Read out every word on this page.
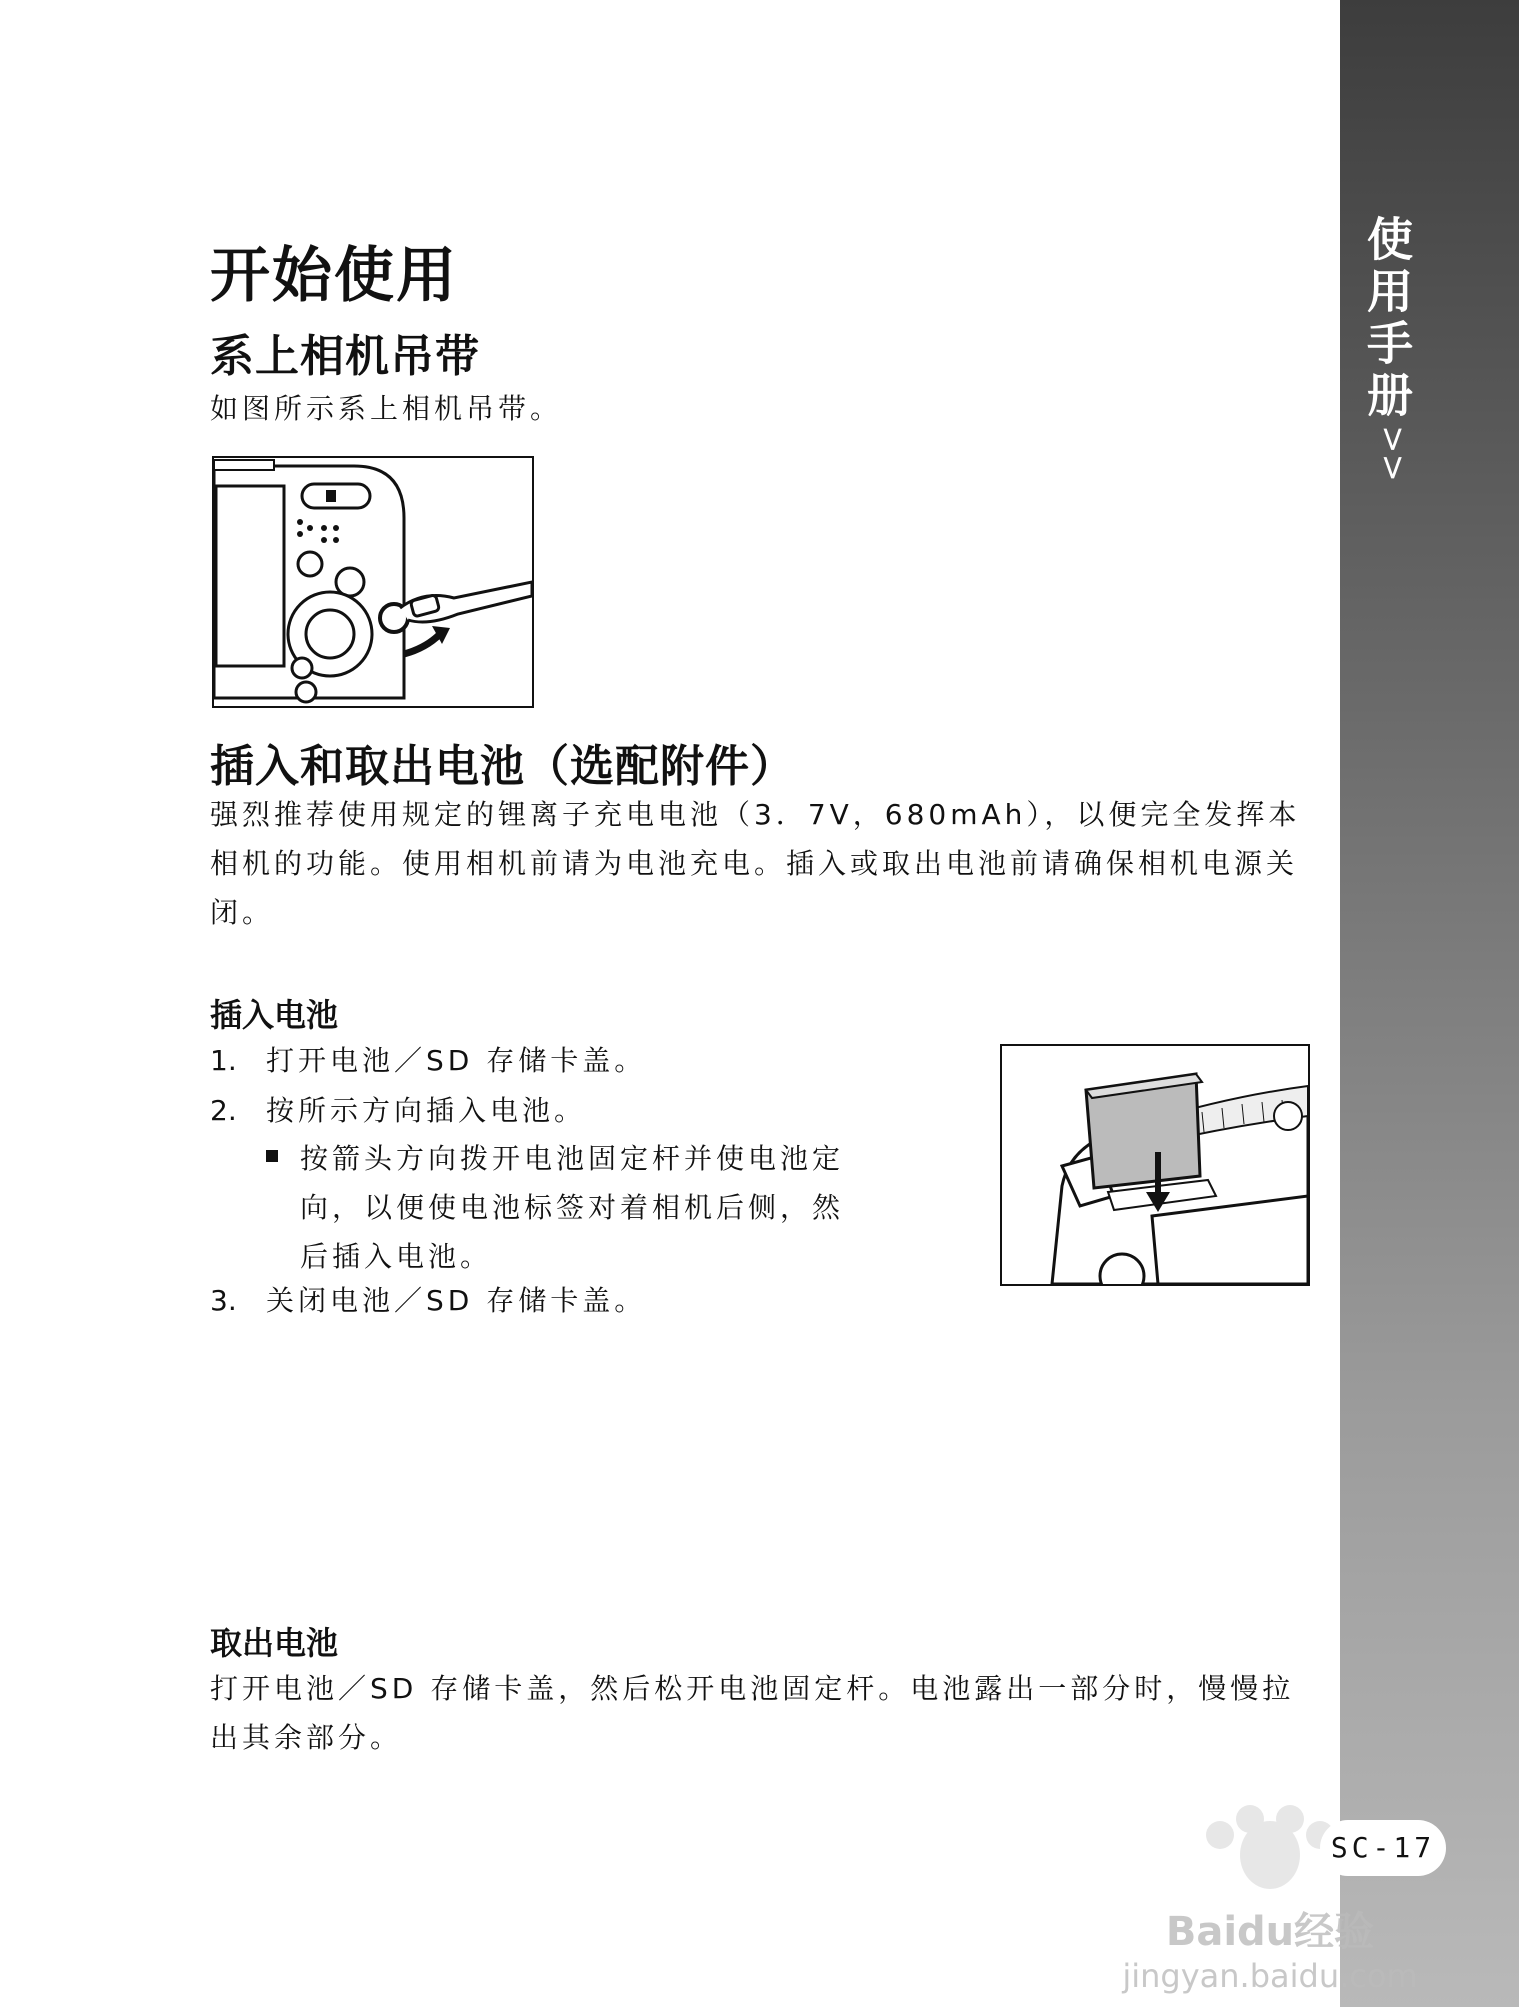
使用手册
>>
开始使用
系上相机吊带
如图所示系上相机吊带。
插入和取出电池（选配附件）
强烈推荐使用规定的锂离子充电电池（3．7V，680mAh），以便完全发挥本相机的功能。使用相机前请为电池充电。插入或取出电池前请确保相机电源关闭。
插入电池
1. 打开电池／SD 存储卡盖。
2. 按所示方向插入电池。
按箭头方向拨开电池固定杆并使电池定向，以便使电池标签对着相机后侧，然后插入电池。
3. 关闭电池／SD 存储卡盖。
取出电池
打开电池／SD 存储卡盖，然后松开电池固定杆。电池露出一部分时，慢慢拉出其余部分。
Baidu经验
jingyan.baidu.com
SC-17
